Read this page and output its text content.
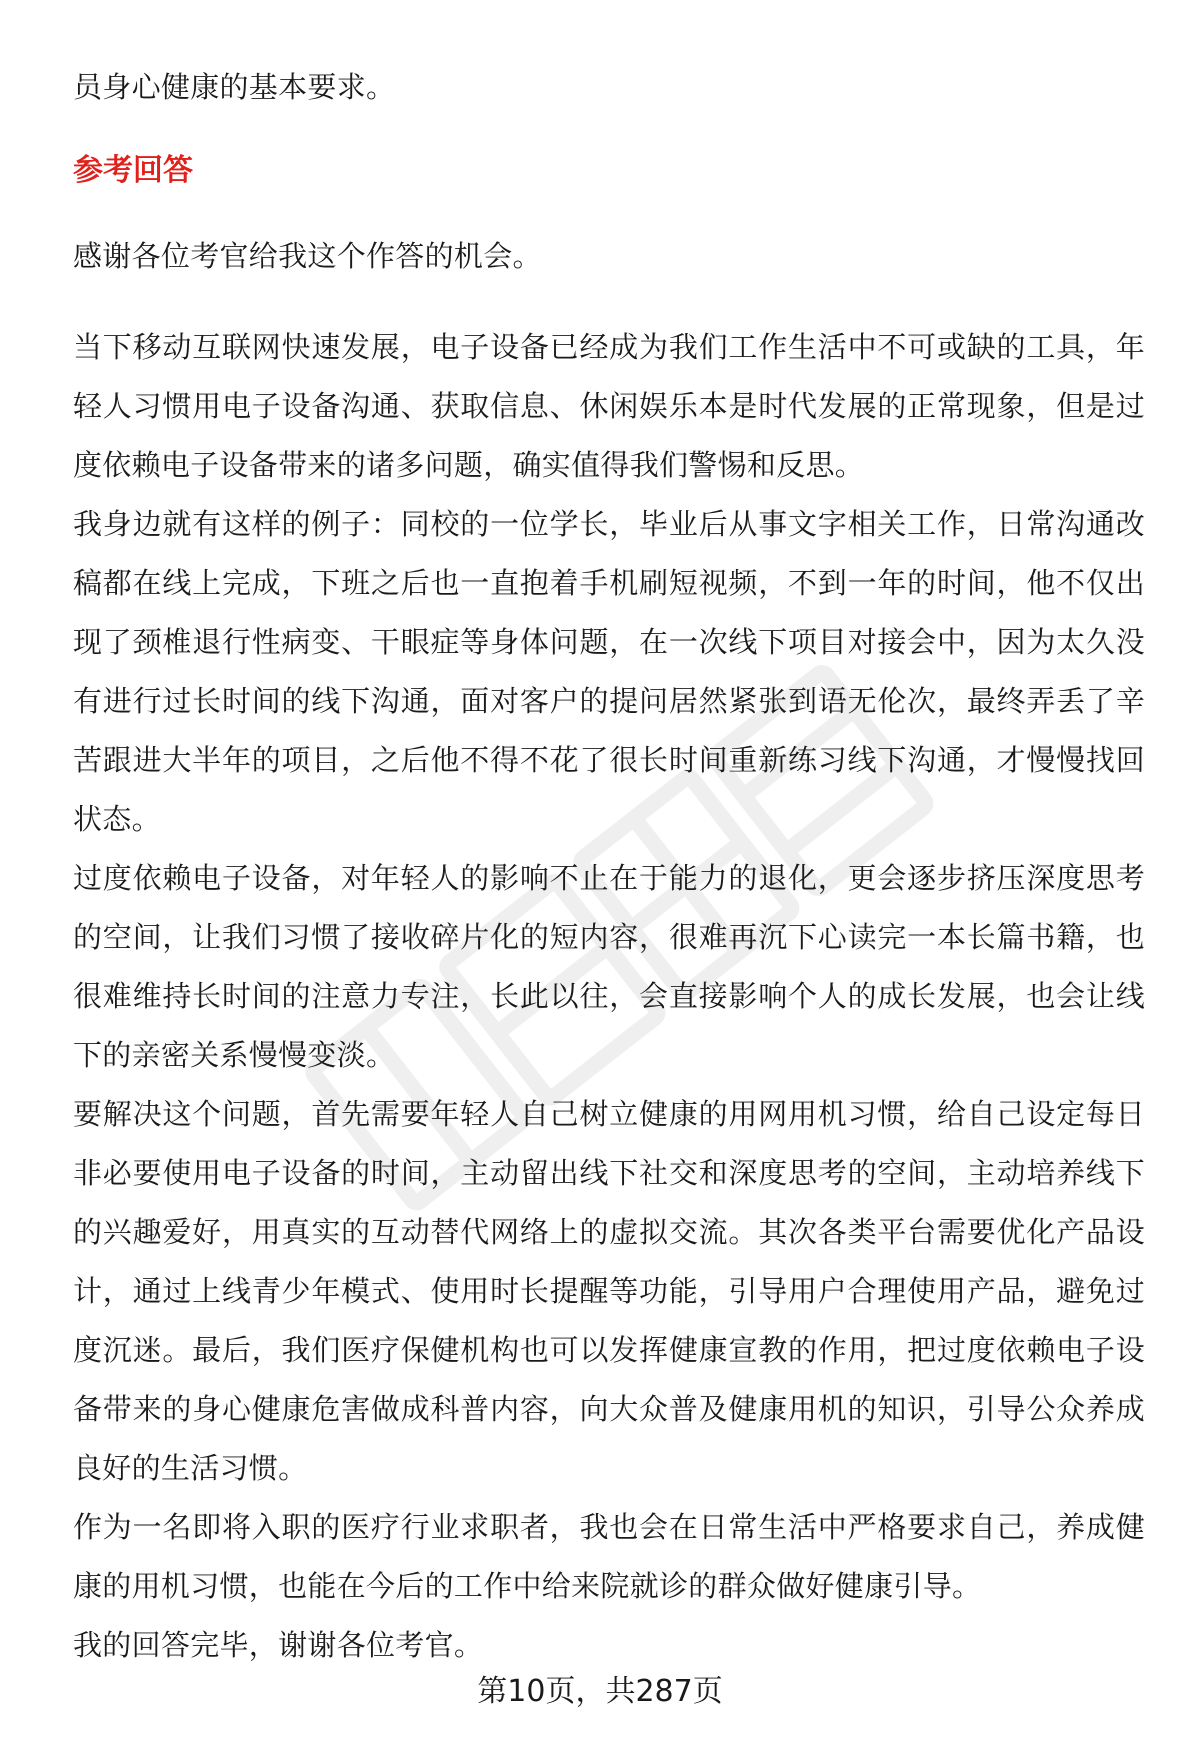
员身心健康的基本要求。

参考回答

感谢各位考官给我这个作答的机会。

当下移动互联网快速发展，电子设备已经成为我们工作生活中不可或缺的工具，年轻人习惯用电子设备沟通、获取信息、休闲娱乐本是时代发展的正常现象，但是过度依赖电子设备带来的诸多问题，确实值得我们警惕和反思。

我身边就有这样的例子：同校的一位学长，毕业后从事文字相关工作，日常沟通改稿都在线上完成，下班之后也一直抱着手机刷短视频，不到一年的时间，他不仅出现了颈椎退行性病变、干眼症等身体问题，在一次线下项目对接会中，因为太久没有进行过长时间的线下沟通，面对客户的提问居然紧张到语无伦次，最终弄丢了辛苦跟进大半年的项目，之后他不得不花了很长时间重新练习线下沟通，才慢慢找回状态。

过度依赖电子设备，对年轻人的影响不止在于能力的退化，更会逐步挤压深度思考的空间，让我们习惯了接收碎片化的短内容，很难再沉下心读完一本长篇书籍，也很难维持长时间的注意力专注，长此以往，会直接影响个人的成长发展，也会让线下的亲密关系慢慢变淡。

要解决这个问题，首先需要年轻人自己树立健康的用网用机习惯，给自己设定每日非必要使用电子设备的时间，主动留出线下社交和深度思考的空间，主动培养线下的兴趣爱好，用真实的互动替代网络上的虚拟交流。其次各类平台需要优化产品设计，通过上线青少年模式、使用时长提醒等功能，引导用户合理使用产品，避免过度沉迷。最后，我们医疗保健机构也可以发挥健康宣教的作用，把过度依赖电子设备带来的身心健康危害做成科普内容，向大众普及健康用机的知识，引导公众养成良好的生活习惯。

作为一名即将入职的医疗行业求职者，我也会在日常生活中严格要求自己，养成健康的用机习惯，也能在今后的工作中给来院就诊的群众做好健康引导。

我的回答完毕，谢谢各位考官。

第10页，共287页
